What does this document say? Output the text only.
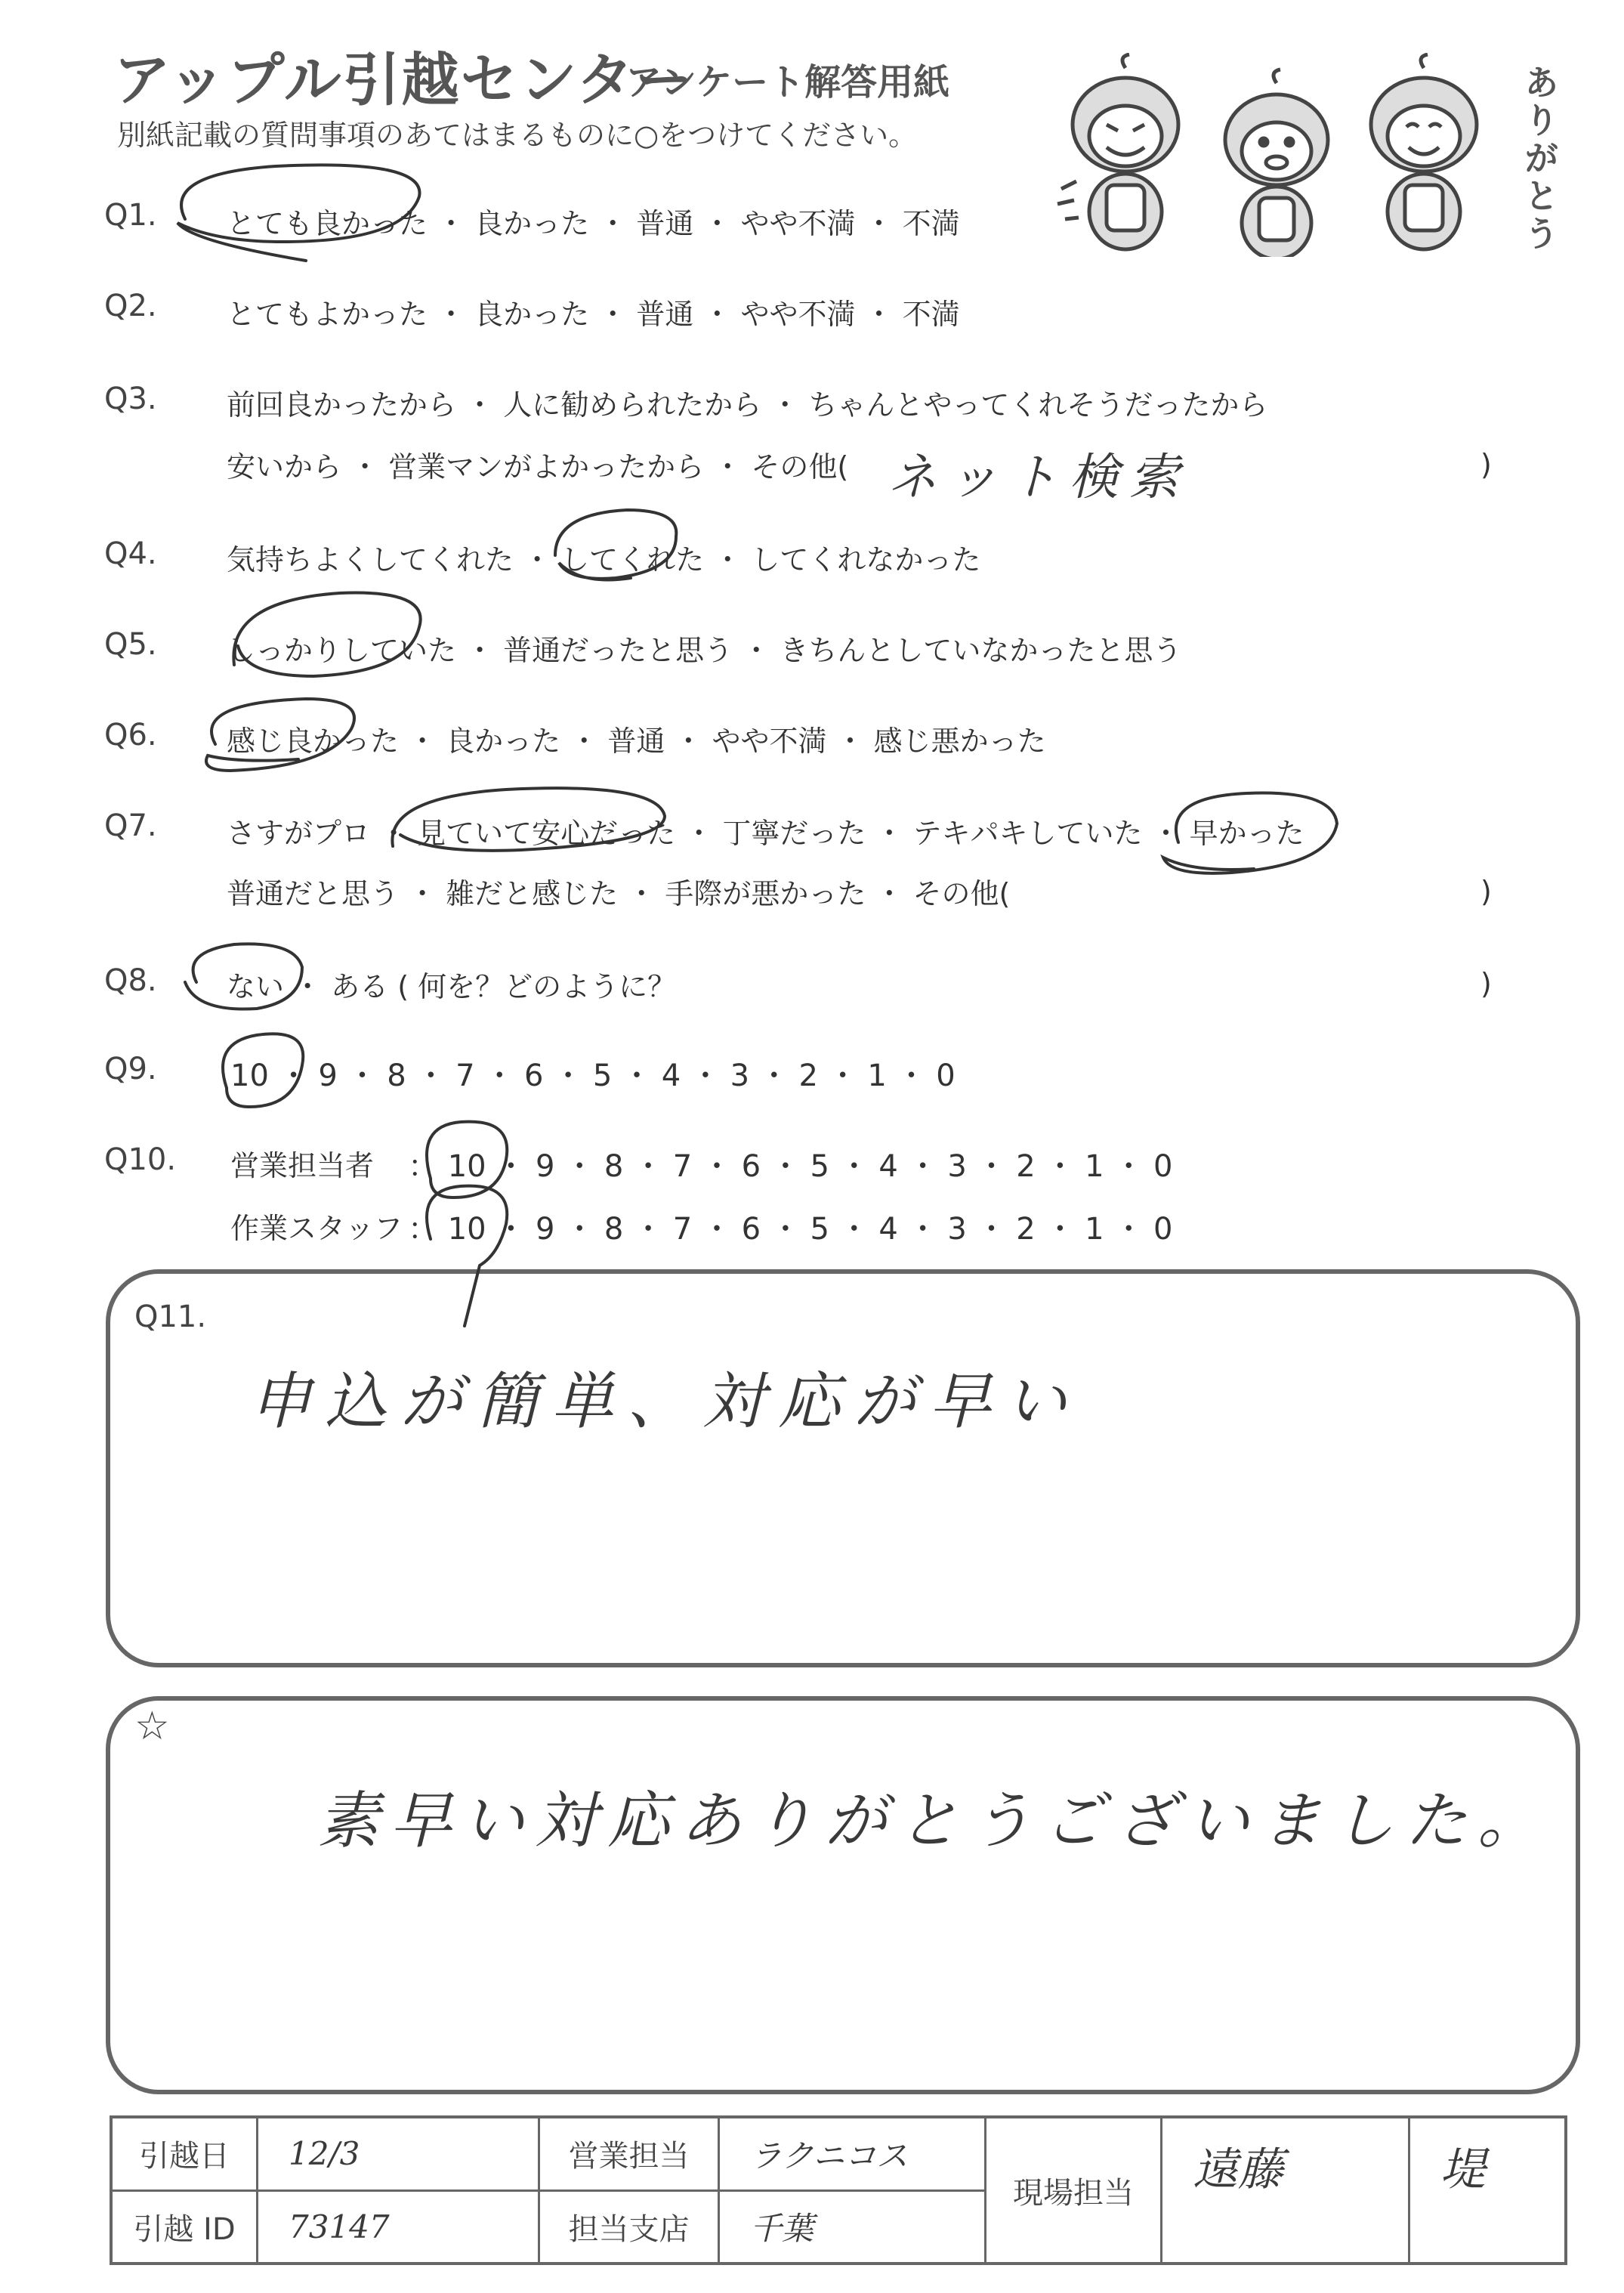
アップル引越センター
アンケート解答用紙
別紙記載の質問事項のあてはまるものに○をつけてください。	ありがとう
Q1. とても良かった ・ 良かった ・ 普通 ・ やや不満 ・ 不満
Q2. とてもよかった ・ 良かった ・ 普通 ・ やや不満 ・ 不満
Q3. 前回良かったから ・ 人に勧められたから ・ ちゃんとやってくれそうだったから
安いから ・ 営業マンがよかったから ・ その他(	)
ネット検索
Q4. 気持ちよくしてくれた ・ してくれた ・ してくれなかった
Q5. しっかりしていた ・ 普通だったと思う ・ きちんとしていなかったと思う
Q6. 感じ良かった ・ 良かった ・ 普通 ・ やや不満 ・ 感じ悪かった
Q7. さすがプロ ・ 見ていて安心だった ・ 丁寧だった ・ テキパキしていた ・ 早かった
普通だと思う ・ 雑だと感じた ・ 手際が悪かった ・ その他(	)
Q8. ない ・ ある ( 何を？どのように？	)
Q9. 10 ・ 9 ・ 8 ・ 7 ・ 6 ・ 5 ・ 4 ・ 3 ・ 2 ・ 1 ・ 0
Q10. 営業担当者 ： 10 ・ 9 ・ 8 ・ 7 ・ 6 ・ 5 ・ 4 ・ 3 ・ 2 ・ 1 ・ 0
作業スタッフ ： 10 ・ 9 ・ 8 ・ 7 ・ 6 ・ 5 ・ 4 ・ 3 ・ 2 ・ 1 ・ 0
Q11.
申込が簡単、対応が早い
☆
素早い対応ありがとうございました。
引越日	12/3	営業担当	ラクニコス	現場担当	遠藤	堤
引越 ID	73147	担当支店	千葉			
